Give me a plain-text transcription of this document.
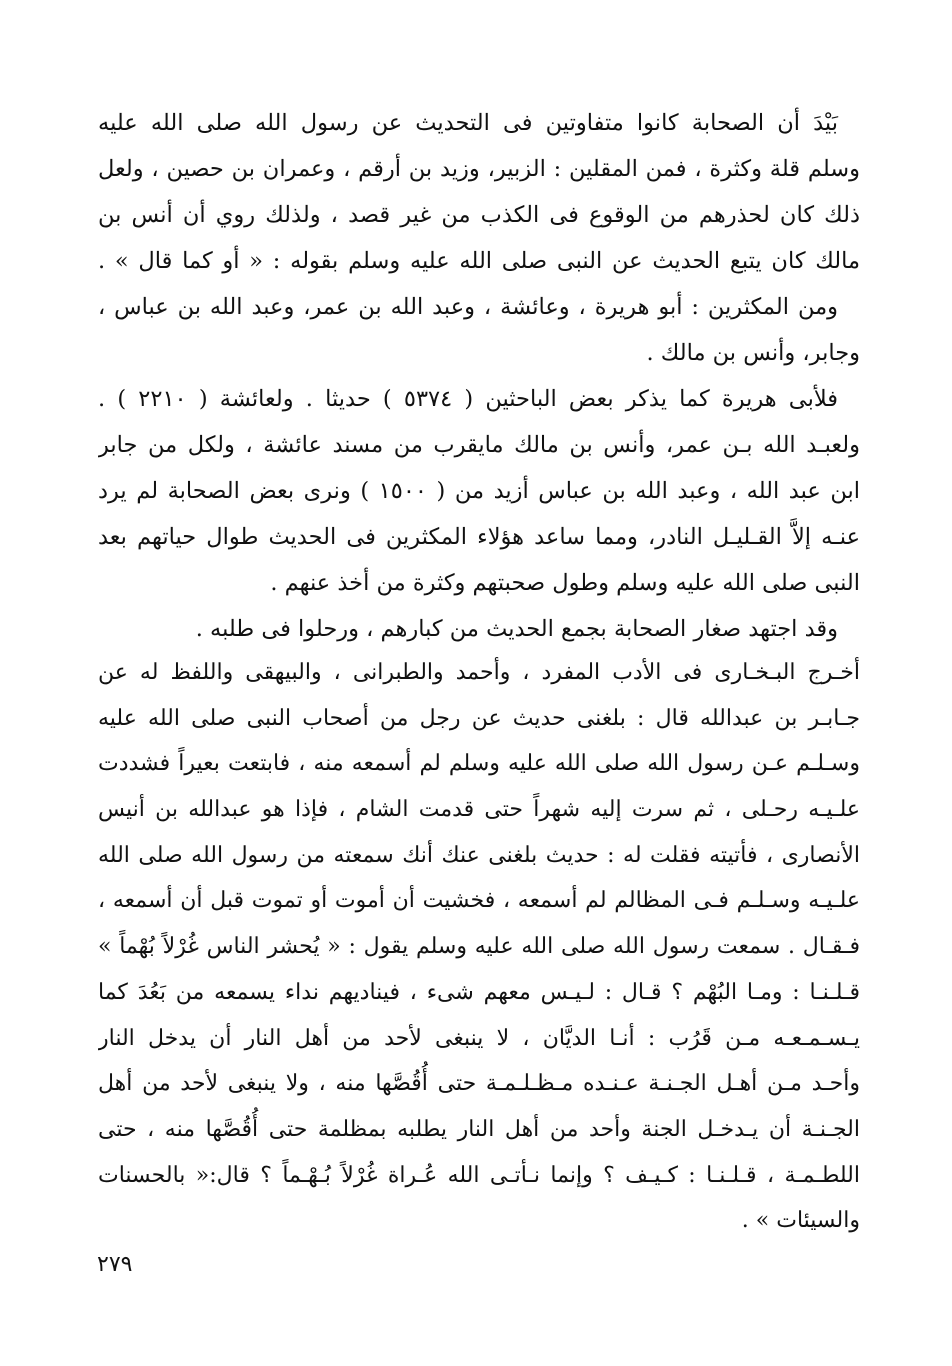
بَيْدَ أن الصحابة كانوا متفاوتين فى التحديث عن رسول الله صلى الله عليه
وسلم قلة وكثرة ، فمن المقلين : الزبير، وزيد بن أرقم ، وعمران بن حصين ، ولعل
ذلك كان لحذرهم من الوقوع فى الكذب من غير قصد ، ولذلك روي أن أنس بن
مالك كان يتبع الحديث عن النبى صلى الله عليه وسلم بقوله : « أو كما قال » .
ومن المكثرين : أبو هريرة ، وعائشة ، وعبد الله بن عمر، وعبد الله بن عباس ،
وجابر، وأنس بن مالك .
فلأبى هريرة كما يذكر بعض الباحثين ( ٥٣٧٤ ) حديثا . ولعائشة ( ٢٢١٠ ) .
ولعبـد الله بـن عمر، وأنس بن مالك مايقرب من مسند عائشة ، ولكل من جابر
ابن عبد الله ، وعبد الله بن عباس أزيد من ( ١٥٠٠ ) ونرى بعض الصحابة لم يرد
عنـه إلاَّ القـليـل النادر، ومما ساعد هؤلاء المكثرين فى الحديث طوال حياتهم بعد
النبى صلى الله عليه وسلم وطول صحبتهم وكثرة من أخذ عنهم .
وقد اجتهد صغار الصحابة بجمع الحديث من كبارهم ، ورحلوا فى طلبه .
أخـرج البـخـارى فى الأدب المفرد ، وأحمد والطبرانى ، والبيهقى واللفظ له عن
جـابـر بن عبدالله قال : بلغنى حديث عن رجل من أصحاب النبى صلى الله عليه
وسـلـم عـن رسول الله صلى الله عليه وسلم لم أسمعه منه ، فابتعت بعيراً فشددت
علـيـه رحـلى ، ثم سرت إليه شهراً حتى قدمت الشام ، فإذا هو عبدالله بن أنيس
الأنصارى ، فأتيته فقلت له : حديث بلغنى عنك أنك سمعته من رسول الله صلى الله
علـيـه وسـلـم فـى المظالم لم أسمعه ، فخشيت أن أموت أو تموت قبل أن أسمعه ،
فـقـال . سمعت رسول الله صلى الله عليه وسلم يقول : « يُحشر الناس غُرْلاً بُهْماً »
قـلـنـا : ومـا البُهْم ؟ قـال : لـيـس معهم شىء ، فيناديهم نداء يسمعه من بَعُدَ كما
يـسـمـعـه مـن قَرُب : أنـا الديَّان ، لا ينبغى لأحد من أهل النار أن يدخل النار
وأحـد مـن أهـل الجـنـة عـنـده مـظـلـمـة حتى أُقُصَّها منه ، ولا ينبغى لأحد من أهل
الجـنـة أن يـدخـل الجنة وأحد من أهل النار يطلبه بمظلمة حتى أُقُصَّها منه ، حتى
اللطـمـة ، قـلـنـا : كـيـف ؟ وإنما نـأتـى الله عُـراة غُرْلاً بُـهْـماً ؟ قال:« بالحسنات
والسيئات » .
٢٧٩
